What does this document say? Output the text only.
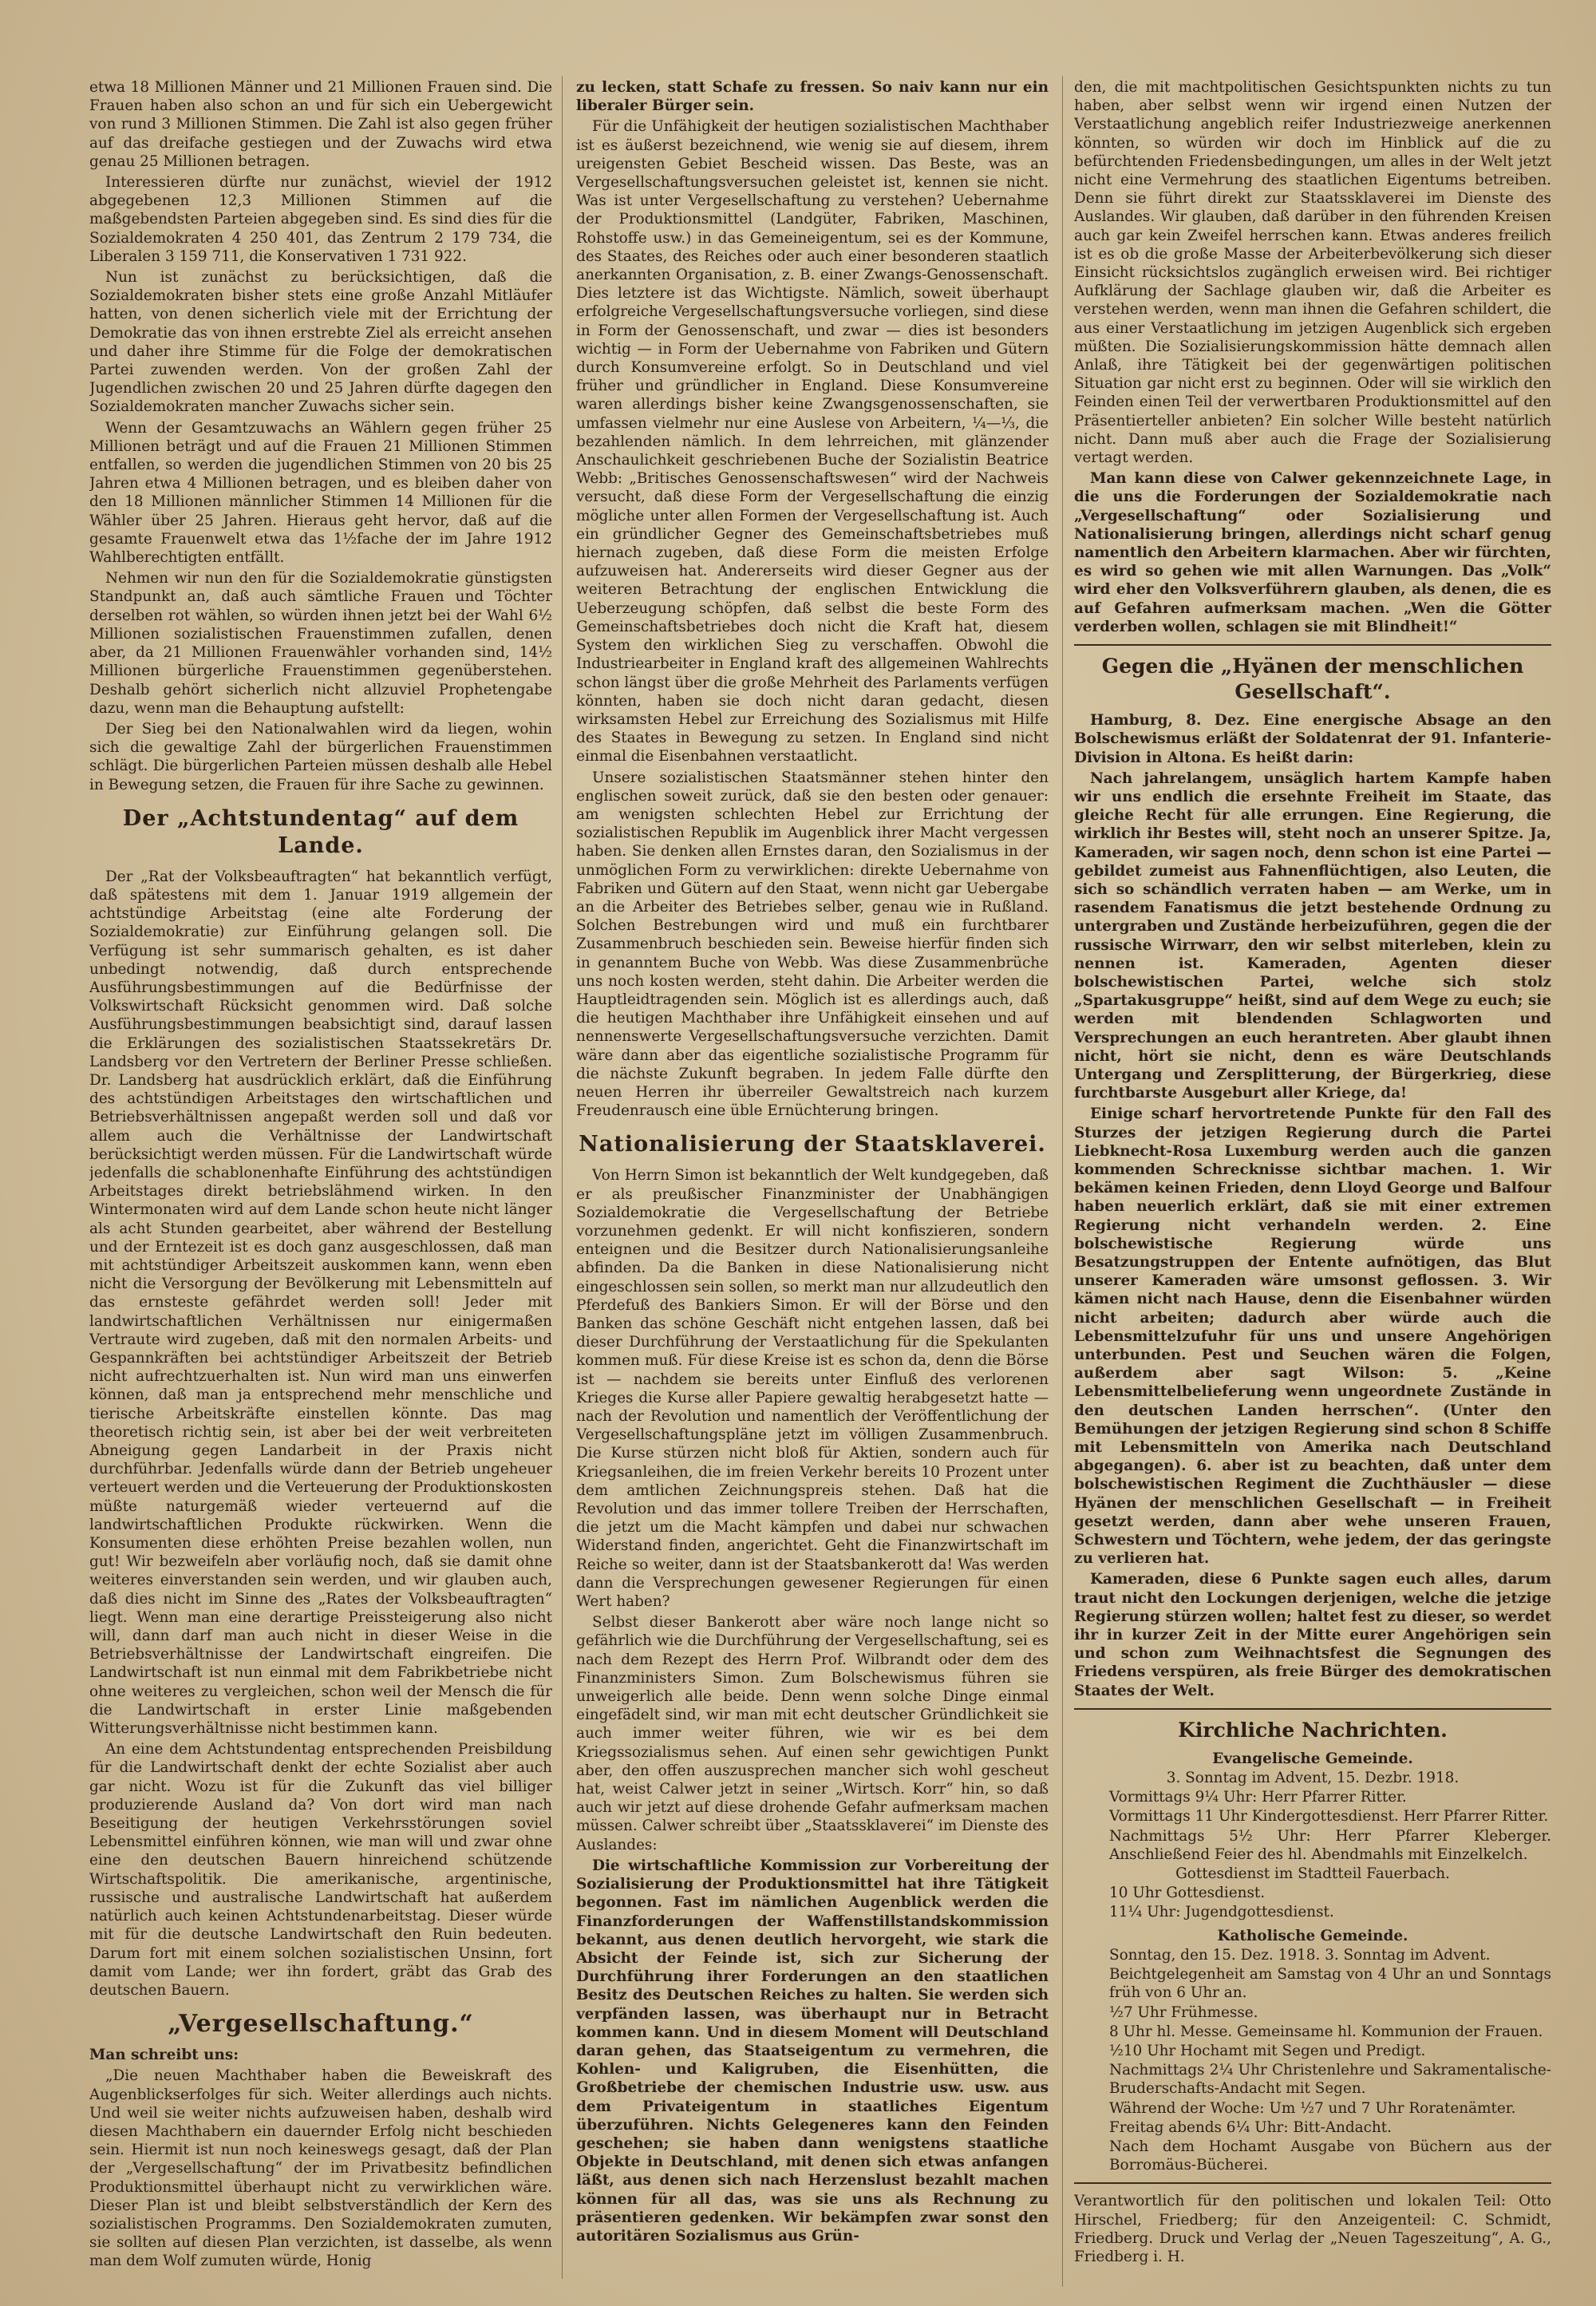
etwa 18 Millionen Männer und 21 Millionen Frauen sind. Die Frauen haben also schon an und für sich ein Uebergewicht von rund 3 Millionen Stimmen. Die Zahl ist also gegen früher auf das dreifache gestiegen und der Zuwachs wird etwa genau 25 Millionen betragen.

Interessieren dürfte nur zunächst, wieviel der 1912 abgegebenen 12,3 Millionen Stimmen auf die maßgebendsten Parteien abgegeben sind. Es sind dies für die Sozialdemokraten 4 250 401, das Zentrum 2 179 734, die Liberalen 3 159 711, die Konservativen 1 731 922.

Nun ist zunächst zu berücksichtigen, daß die Sozialdemokraten bisher stets eine große Anzahl Mitläufer hatten, von denen sicherlich viele mit der Errichtung der Demokratie das von ihnen erstrebte Ziel als erreicht ansehen und daher ihre Stimme für die Folge der demokratischen Partei zuwenden werden. Von der großen Zahl der Jugendlichen zwischen 20 und 25 Jahren dürfte dagegen den Sozialdemokraten mancher Zuwachs sicher sein.

Wenn der Gesamtzuwachs an Wählern gegen früher 25 Millionen beträgt und auf die Frauen 21 Millionen Stimmen entfallen, so werden die jugendlichen Stimmen von 20 bis 25 Jahren etwa 4 Millionen betragen, und es bleiben daher von den 18 Millionen männlicher Stimmen 14 Millionen für die Wähler über 25 Jahren. Hieraus geht hervor, daß auf die gesamte Frauenwelt etwa das 1½fache der im Jahre 1912 Wahlberechtigten entfällt.

Nehmen wir nun den für die Sozialdemokratie günstigsten Standpunkt an, daß auch sämtliche Frauen und Töchter derselben rot wählen, so würden ihnen jetzt bei der Wahl 6½ Millionen sozialistischen Frauenstimmen zufallen, denen aber, da 21 Millionen Frauenwähler vorhanden sind, 14½ Millionen bürgerliche Frauenstimmen gegenüberstehen. Deshalb gehört sicherlich nicht allzuviel Prophetengabe dazu, wenn man die Behauptung aufstellt:

Der Sieg bei den Nationalwahlen wird da liegen, wohin sich die gewaltige Zahl der bürgerlichen Frauenstimmen schlägt. Die bürgerlichen Parteien müssen deshalb alle Hebel in Bewegung setzen, die Frauen für ihre Sache zu gewinnen.

Der „Achtstundentag“ auf dem Lande.

Der „Rat der Volksbeauftragten“ hat bekanntlich verfügt, daß spätestens mit dem 1. Januar 1919 allgemein der achtstündige Arbeitstag (eine alte Forderung der Sozialdemokratie) zur Einführung gelangen soll. Die Verfügung ist sehr summarisch gehalten, es ist daher unbedingt notwendig, daß durch entsprechende Ausführungsbestimmungen auf die Bedürfnisse der Volkswirtschaft Rücksicht genommen wird. Daß solche Ausführungsbestimmungen beabsichtigt sind, darauf lassen die Erklärungen des sozialistischen Staatssekretärs Dr. Landsberg vor den Vertretern der Berliner Presse schließen. Dr. Landsberg hat ausdrücklich erklärt, daß die Einführung des achtstündigen Arbeitstages den wirtschaftlichen und Betriebsverhältnissen angepaßt werden soll und daß vor allem auch die Verhältnisse der Landwirtschaft berücksichtigt werden müssen. Für die Landwirtschaft würde jedenfalls die schablonenhafte Einführung des achtstündigen Arbeitstages direkt betriebslähmend wirken. In den Wintermonaten wird auf dem Lande schon heute nicht länger als acht Stunden gearbeitet, aber während der Bestellung und der Erntezeit ist es doch ganz ausgeschlossen, daß man mit achtstündiger Arbeitszeit auskommen kann, wenn eben nicht die Versorgung der Bevölkerung mit Lebensmitteln auf das ernsteste gefährdet werden soll! Jeder mit landwirtschaftlichen Verhältnissen nur einigermaßen Vertraute wird zugeben, daß mit den normalen Arbeits- und Gespannkräften bei achtstündiger Arbeitszeit der Betrieb nicht aufrechtzuerhalten ist. Nun wird man uns einwerfen können, daß man ja entsprechend mehr menschliche und tierische Arbeitskräfte einstellen könnte. Das mag theoretisch richtig sein, ist aber bei der weit verbreiteten Abneigung gegen Landarbeit in der Praxis nicht durchführbar. Jedenfalls würde dann der Betrieb ungeheuer verteuert werden und die Verteuerung der Produktionskosten müßte naturgemäß wieder verteuernd auf die landwirtschaftlichen Produkte rückwirken. Wenn die Konsumenten diese erhöhten Preise bezahlen wollen, nun gut! Wir bezweifeln aber vorläufig noch, daß sie damit ohne weiteres einverstanden sein werden, und wir glauben auch, daß dies nicht im Sinne des „Rates der Volksbeauftragten“ liegt. Wenn man eine derartige Preissteigerung also nicht will, dann darf man auch nicht in dieser Weise in die Betriebsverhältnisse der Landwirtschaft eingreifen. Die Landwirtschaft ist nun einmal mit dem Fabrikbetriebe nicht ohne weiteres zu vergleichen, schon weil der Mensch die für die Landwirtschaft in erster Linie maßgebenden Witterungsverhältnisse nicht bestimmen kann.

An eine dem Achtstundentag entsprechenden Preisbildung für die Landwirtschaft denkt der echte Sozialist aber auch gar nicht. Wozu ist für die Zukunft das viel billiger produzierende Ausland da? Von dort wird man nach Beseitigung der heutigen Verkehrsstörungen soviel Lebensmittel einführen können, wie man will und zwar ohne eine den deutschen Bauern hinreichend schützende Wirtschaftspolitik. Die amerikanische, argentinische, russische und australische Landwirtschaft hat außerdem natürlich auch keinen Achtstundenarbeitstag. Dieser würde mit für die deutsche Landwirtschaft den Ruin bedeuten. Darum fort mit einem solchen sozialistischen Unsinn, fort damit vom Lande; wer ihn fordert, gräbt das Grab des deutschen Bauern.

„Vergesellschaftung.“

Man schreibt uns:

„Die neuen Machthaber haben die Beweiskraft des Augenblickserfolges für sich. Weiter allerdings auch nichts. Und weil sie weiter nichts aufzuweisen haben, deshalb wird diesen Machthabern ein dauernder Erfolg nicht beschieden sein. Hiermit ist nun noch keineswegs gesagt, daß der Plan der „Vergesellschaftung“ der im Privatbesitz befindlichen Produktionsmittel überhaupt nicht zu verwirklichen wäre. Dieser Plan ist und bleibt selbstverständlich der Kern des sozialistischen Programms. Den Sozialdemokraten zumuten, sie sollten auf diesen Plan verzichten, ist dasselbe, als wenn man dem Wolf zumuten würde, Honig

zu lecken, statt Schafe zu fressen. So naiv kann nur ein liberaler Bürger sein.

Für die Unfähigkeit der heutigen sozialistischen Machthaber ist es äußerst bezeichnend, wie wenig sie auf diesem, ihrem ureigensten Gebiet Bescheid wissen. Das Beste, was an Vergesellschaftungsversuchen geleistet ist, kennen sie nicht. Was ist unter Vergesellschaftung zu verstehen? Uebernahme der Produktionsmittel (Landgüter, Fabriken, Maschinen, Rohstoffe usw.) in das Gemeineigentum, sei es der Kommune, des Staates, des Reiches oder auch einer besonderen staatlich anerkannten Organisation, z. B. einer Zwangs-Genossenschaft. Dies letztere ist das Wichtigste. Nämlich, soweit überhaupt erfolgreiche Vergesellschaftungsversuche vorliegen, sind diese in Form der Genossenschaft, und zwar — dies ist besonders wichtig — in Form der Uebernahme von Fabriken und Gütern durch Konsumvereine erfolgt. So in Deutschland und viel früher und gründlicher in England. Diese Konsumvereine waren allerdings bisher keine Zwangsgenossenschaften, sie umfassen vielmehr nur eine Auslese von Arbeitern, ¼—⅓, die bezahlenden nämlich. In dem lehrreichen, mit glänzender Anschaulichkeit geschriebenen Buche der Sozialistin Beatrice Webb: „Britisches Genossenschaftswesen“ wird der Nachweis versucht, daß diese Form der Vergesellschaftung die einzig mögliche unter allen Formen der Vergesellschaftung ist. Auch ein gründlicher Gegner des Gemeinschaftsbetriebes muß hiernach zugeben, daß diese Form die meisten Erfolge aufzuweisen hat. Andererseits wird dieser Gegner aus der weiteren Betrachtung der englischen Entwicklung die Ueberzeugung schöpfen, daß selbst die beste Form des Gemeinschaftsbetriebes doch nicht die Kraft hat, diesem System den wirklichen Sieg zu verschaffen. Obwohl die Industriearbeiter in England kraft des allgemeinen Wahlrechts schon längst über die große Mehrheit des Parlaments verfügen könnten, haben sie doch nicht daran gedacht, diesen wirksamsten Hebel zur Erreichung des Sozialismus mit Hilfe des Staates in Bewegung zu setzen. In England sind nicht einmal die Eisenbahnen verstaatlicht.

Unsere sozialistischen Staatsmänner stehen hinter den englischen soweit zurück, daß sie den besten oder genauer: am wenigsten schlechten Hebel zur Errichtung der sozialistischen Republik im Augenblick ihrer Macht vergessen haben. Sie denken allen Ernstes daran, den Sozialismus in der unmöglichen Form zu verwirklichen: direkte Uebernahme von Fabriken und Gütern auf den Staat, wenn nicht gar Uebergabe an die Arbeiter des Betriebes selber, genau wie in Rußland. Solchen Bestrebungen wird und muß ein furchtbarer Zusammenbruch beschieden sein. Beweise hierfür finden sich in genanntem Buche von Webb. Was diese Zusammenbrüche uns noch kosten werden, steht dahin. Die Arbeiter werden die Hauptleidtragenden sein. Möglich ist es allerdings auch, daß die heutigen Machthaber ihre Unfähigkeit einsehen und auf nennenswerte Vergesellschaftungsversuche verzichten. Damit wäre dann aber das eigentliche sozialistische Programm für die nächste Zukunft begraben. In jedem Falle dürfte den neuen Herren ihr überreiler Gewaltstreich nach kurzem Freudenrausch eine üble Ernüchterung bringen.

Nationalisierung der Staatsklaverei.

Von Herrn Simon ist bekanntlich der Welt kundgegeben, daß er als preußischer Finanzminister der Unabhängigen Sozialdemokratie die Vergesellschaftung der Betriebe vorzunehmen gedenkt. Er will nicht konfiszieren, sondern enteignen und die Besitzer durch Nationalisierungsanleihe abfinden. Da die Banken in diese Nationalisierung nicht eingeschlossen sein sollen, so merkt man nur allzudeutlich den Pferdefuß des Bankiers Simon. Er will der Börse und den Banken das schöne Geschäft nicht entgehen lassen, daß bei dieser Durchführung der Verstaatlichung für die Spekulanten kommen muß. Für diese Kreise ist es schon da, denn die Börse ist — nachdem sie bereits unter Einfluß des verlorenen Krieges die Kurse aller Papiere gewaltig herabgesetzt hatte — nach der Revolution und namentlich der Veröffentlichung der Vergesellschaftungspläne jetzt im völligen Zusammenbruch. Die Kurse stürzen nicht bloß für Aktien, sondern auch für Kriegsanleihen, die im freien Verkehr bereits 10 Prozent unter dem amtlichen Zeichnungspreis stehen. Daß hat die Revolution und das immer tollere Treiben der Herrschaften, die jetzt um die Macht kämpfen und dabei nur schwachen Widerstand finden, angerichtet. Geht die Finanzwirtschaft im Reiche so weiter, dann ist der Staatsbankerott da! Was werden dann die Versprechungen gewesener Regierungen für einen Wert haben?

Selbst dieser Bankerott aber wäre noch lange nicht so gefährlich wie die Durchführung der Vergesellschaftung, sei es nach dem Rezept des Herrn Prof. Wilbrandt oder dem des Finanzministers Simon. Zum Bolschewismus führen sie unweigerlich alle beide. Denn wenn solche Dinge einmal eingefädelt sind, wir man mit echt deutscher Gründlichkeit sie auch immer weiter führen, wie wir es bei dem Kriegssozialismus sehen. Auf einen sehr gewichtigen Punkt aber, den offen auszusprechen mancher sich wohl gescheut hat, weist Calwer jetzt in seiner „Wirtsch. Korr“ hin, so daß auch wir jetzt auf diese drohende Gefahr aufmerksam machen müssen. Calwer schreibt über „Staatssklaverei“ im Dienste des Auslandes:

Die wirtschaftliche Kommission zur Vorbereitung der Sozialisierung der Produktionsmittel hat ihre Tätigkeit begonnen. Fast im nämlichen Augenblick werden die Finanzforderungen der Waffenstillstandskommission bekannt, aus denen deutlich hervorgeht, wie stark die Absicht der Feinde ist, sich zur Sicherung der Durchführung ihrer Forderungen an den staatlichen Besitz des Deutschen Reiches zu halten. Sie werden sich verpfänden lassen, was überhaupt nur in Betracht kommen kann. Und in diesem Moment will Deutschland daran gehen, das Staatseigentum zu vermehren, die Kohlen- und Kaligruben, die Eisenhütten, die Großbetriebe der chemischen Industrie usw. usw. aus dem Privateigentum in staatliches Eigentum überzuführen. Nichts Gelegeneres kann den Feinden geschehen; sie haben dann wenigstens staatliche Objekte in Deutschland, mit denen sich etwas anfangen läßt, aus denen sich nach Herzenslust bezahlt machen können für all das, was sie uns als Rechnung zu präsentieren gedenken. Wir bekämpfen zwar sonst den autoritären Sozialismus aus Grün-

den, die mit machtpolitischen Gesichtspunkten nichts zu tun haben, aber selbst wenn wir irgend einen Nutzen der Verstaatlichung angeblich reifer Industriezweige anerkennen könnten, so würden wir doch im Hinblick auf die zu befürchtenden Friedensbedingungen, um alles in der Welt jetzt nicht eine Vermehrung des staatlichen Eigentums betreiben. Denn sie führt direkt zur Staatssklaverei im Dienste des Auslandes. Wir glauben, daß darüber in den führenden Kreisen auch gar kein Zweifel herrschen kann. Etwas anderes freilich ist es ob die große Masse der Arbeiterbevölkerung sich dieser Einsicht rücksichtslos zugänglich erweisen wird. Bei richtiger Aufklärung der Sachlage glauben wir, daß die Arbeiter es verstehen werden, wenn man ihnen die Gefahren schildert, die aus einer Verstaatlichung im jetzigen Augenblick sich ergeben müßten. Die Sozialisierungskommission hätte demnach allen Anlaß, ihre Tätigkeit bei der gegenwärtigen politischen Situation gar nicht erst zu beginnen. Oder will sie wirklich den Feinden einen Teil der verwertbaren Produktionsmittel auf den Präsentierteller anbieten? Ein solcher Wille besteht natürlich nicht. Dann muß aber auch die Frage der Sozialisierung vertagt werden.

Man kann diese von Calwer gekennzeichnete Lage, in die uns die Forderungen der Sozialdemokratie nach „Vergesellschaftung“ oder Sozialisierung und Nationalisierung bringen, allerdings nicht scharf genug namentlich den Arbeitern klarmachen. Aber wir fürchten, es wird so gehen wie mit allen Warnungen. Das „Volk“ wird eher den Volksverführern glauben, als denen, die es auf Gefahren aufmerksam machen. „Wen die Götter verderben wollen, schlagen sie mit Blindheit!“

Gegen die „Hyänen der menschlichen Gesellschaft“.

Hamburg, 8. Dez. Eine energische Absage an den Bolschewismus erläßt der Soldatenrat der 91. Infanterie-Division in Altona. Es heißt darin:

Nach jahrelangem, unsäglich hartem Kampfe haben wir uns endlich die ersehnte Freiheit im Staate, das gleiche Recht für alle errungen. Eine Regierung, die wirklich ihr Bestes will, steht noch an unserer Spitze. Ja, Kameraden, wir sagen noch, denn schon ist eine Partei — gebildet zumeist aus Fahnenflüchtigen, also Leuten, die sich so schändlich verraten haben — am Werke, um in rasendem Fanatismus die jetzt bestehende Ordnung zu untergraben und Zustände herbeizuführen, gegen die der russische Wirrwarr, den wir selbst miterleben, klein zu nennen ist. Kameraden, Agenten dieser bolschewistischen Partei, welche sich stolz „Spartakusgruppe“ heißt, sind auf dem Wege zu euch; sie werden mit blendenden Schlagworten und Versprechungen an euch herantreten. Aber glaubt ihnen nicht, hört sie nicht, denn es wäre Deutschlands Untergang und Zersplitterung, der Bürgerkrieg, diese furchtbarste Ausgeburt aller Kriege, da!

Einige scharf hervortretende Punkte für den Fall des Sturzes der jetzigen Regierung durch die Partei Liebknecht-Rosa Luxemburg werden auch die ganzen kommenden Schrecknisse sichtbar machen. 1. Wir bekämen keinen Frieden, denn Lloyd George und Balfour haben neuerlich erklärt, daß sie mit einer extremen Regierung nicht verhandeln werden. 2. Eine bolschewistische Regierung würde uns Besatzungstruppen der Entente aufnötigen, das Blut unserer Kameraden wäre umsonst geflossen. 3. Wir kämen nicht nach Hause, denn die Eisenbahner würden nicht arbeiten; dadurch aber würde auch die Lebensmittelzufuhr für uns und unsere Angehörigen unterbunden. Pest und Seuchen wären die Folgen, außerdem aber sagt Wilson: 5. „Keine Lebensmittelbelieferung wenn ungeordnete Zustände in den deutschen Landen herrschen“. (Unter den Bemühungen der jetzigen Regierung sind schon 8 Schiffe mit Lebensmitteln von Amerika nach Deutschland abgegangen). 6. aber ist zu beachten, daß unter dem bolschewistischen Regiment die Zuchthäusler — diese Hyänen der menschlichen Gesellschaft — in Freiheit gesetzt werden, dann aber wehe unseren Frauen, Schwestern und Töchtern, wehe jedem, der das geringste zu verlieren hat.

Kameraden, diese 6 Punkte sagen euch alles, darum traut nicht den Lockungen derjenigen, welche die jetzige Regierung stürzen wollen; haltet fest zu dieser, so werdet ihr in kurzer Zeit in der Mitte eurer Angehörigen sein und schon zum Weihnachtsfest die Segnungen des Friedens verspüren, als freie Bürger des demokratischen Staates der Welt.

Kirchliche Nachrichten.

Evangelische Gemeinde.

3. Sonntag im Advent, 15. Dezbr. 1918.

Vormittags 9¼ Uhr: Herr Pfarrer Ritter.

Vormittags 11 Uhr Kindergottesdienst. Herr Pfarrer Ritter.

Nachmittags 5½ Uhr: Herr Pfarrer Kleberger. Anschließend Feier des hl. Abendmahls mit Einzelkelch.

Gottesdienst im Stadtteil Fauerbach.

10 Uhr Gottesdienst.

11¼ Uhr: Jugendgottesdienst.

Katholische Gemeinde.

Sonntag, den 15. Dez. 1918. 3. Sonntag im Advent.

Beichtgelegenheit am Samstag von 4 Uhr an und Sonntags früh von 6 Uhr an.

½7 Uhr Frühmesse.

8 Uhr hl. Messe. Gemeinsame hl. Kommunion der Frauen.

½10 Uhr Hochamt mit Segen und Predigt.

Nachmittags 2¼ Uhr Christenlehre und Sakramentalische-Bruderschafts-Andacht mit Segen.

Während der Woche: Um ½7 und 7 Uhr Roratenämter.

Freitag abends 6¼ Uhr: Bitt-Andacht.

Nach dem Hochamt Ausgabe von Büchern aus der Borromäus-Bücherei.

Verantwortlich für den politischen und lokalen Teil: Otto Hirschel, Friedberg; für den Anzeigenteil: C. Schmidt, Friedberg. Druck und Verlag der „Neuen Tageszeitung“, A. G., Friedberg i. H.
